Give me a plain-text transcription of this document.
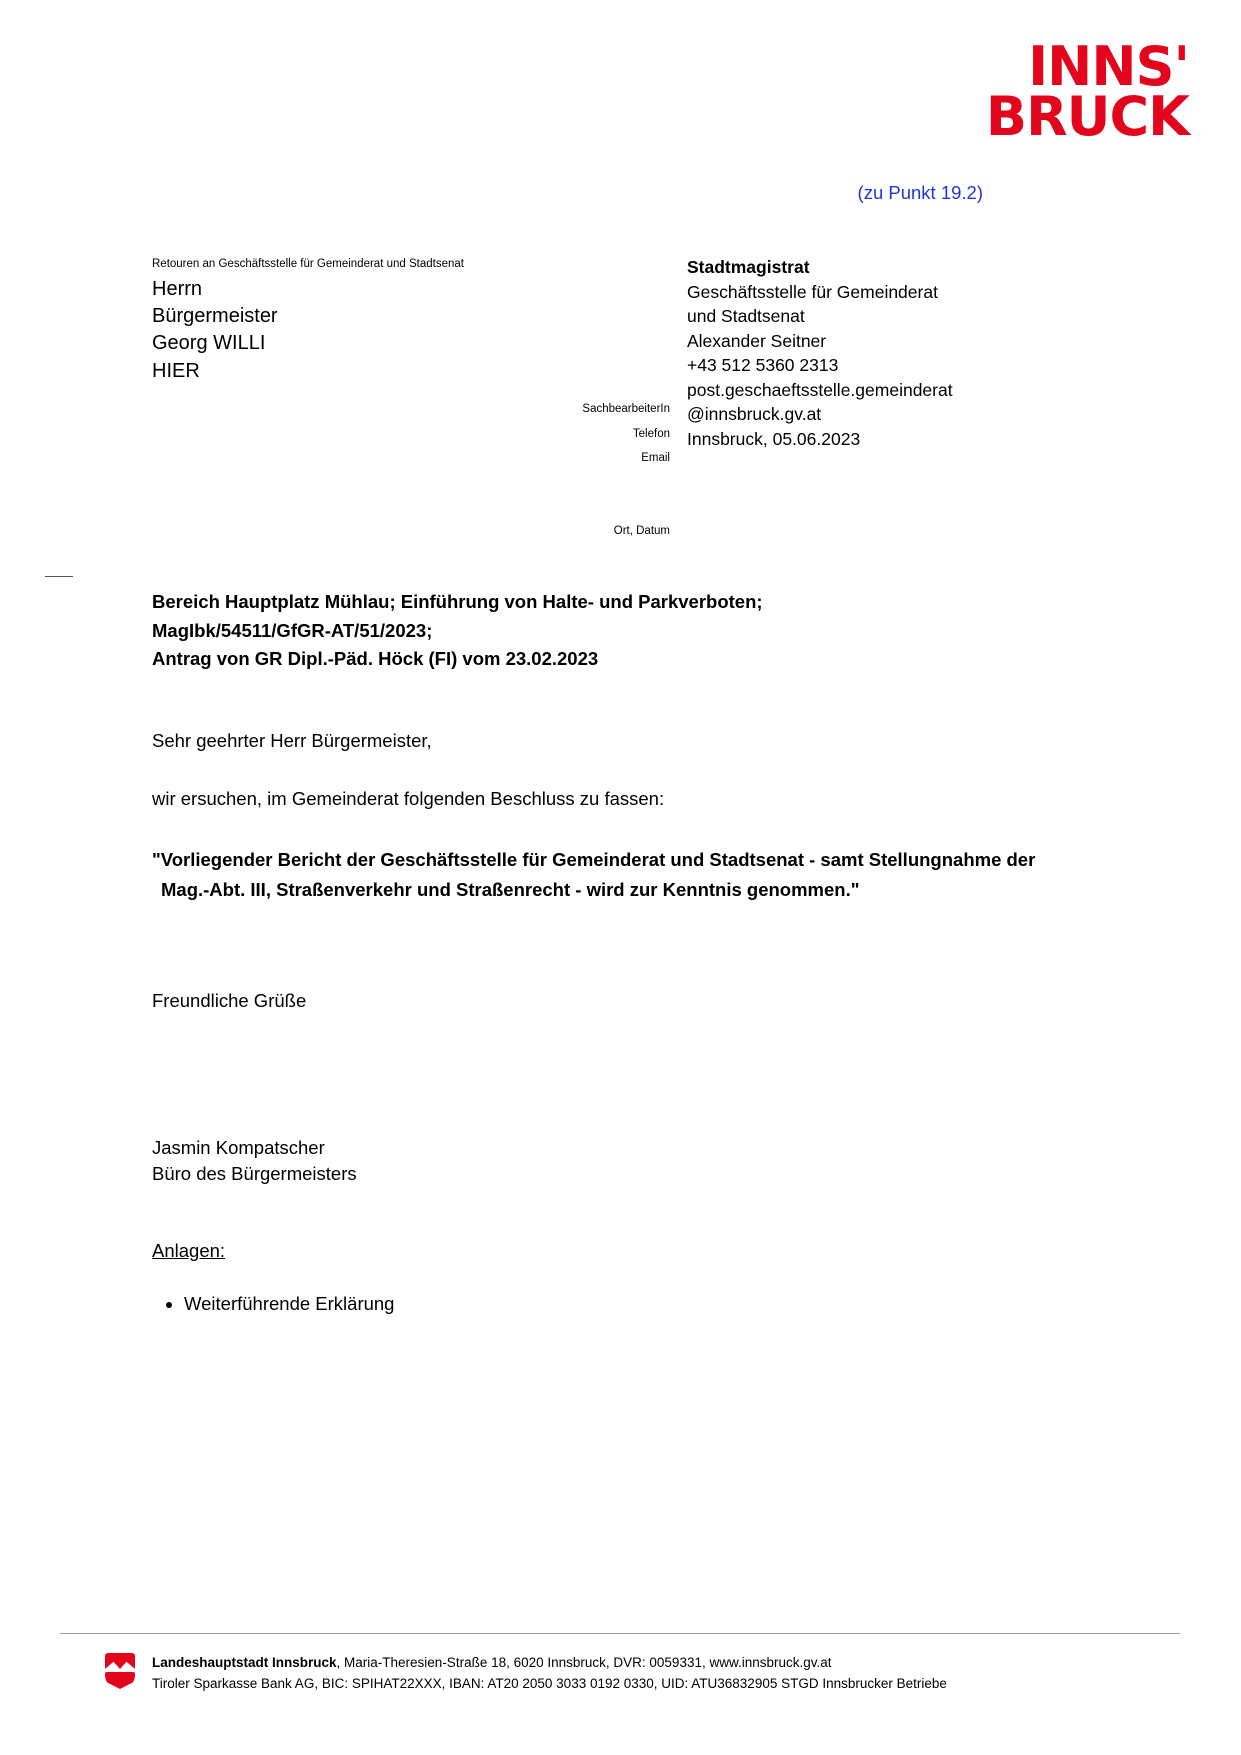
INNS'
BRUCK
(zu Punkt 19.2)
Retouren an Geschäftsstelle für Gemeinderat und Stadtsenat
Herrn
Bürgermeister
Georg WILLI
HIER
SachbearbeiterIn
Telefon
Email
Ort, Datum
Stadtmagistrat
Geschäftsstelle für Gemeinderat
und Stadtsenat
Alexander Seitner
+43 512 5360 2313
post.geschaeftsstelle.gemeinderat
@innsbruck.gv.at
Innsbruck, 05.06.2023
Bereich Hauptplatz Mühlau; Einführung von Halte- und Parkverboten;
MagIbk/54511/GfGR-AT/51/2023;
Antrag von GR Dipl.-Päd. Höck (FI) vom 23.02.2023
Sehr geehrter Herr Bürgermeister,
wir ersuchen, im Gemeinderat folgenden Beschluss zu fassen:
"Vorliegender Bericht der Geschäftsstelle für Gemeinderat und Stadtsenat - samt Stellungnahme der Mag.-Abt. III, Straßenverkehr und Straßenrecht - wird zur Kenntnis genommen."
Freundliche Grüße
Jasmin Kompatscher
Büro des Bürgermeisters
Anlagen:
• Weiterführende Erklärung
Landeshauptstadt Innsbruck, Maria-Theresien-Straße 18, 6020 Innsbruck, DVR: 0059331, www.innsbruck.gv.at
Tiroler Sparkasse Bank AG, BIC: SPIHAT22XXX, IBAN: AT20 2050 3033 0192 0330, UID: ATU36832905 STGD Innsbrucker Betriebe
